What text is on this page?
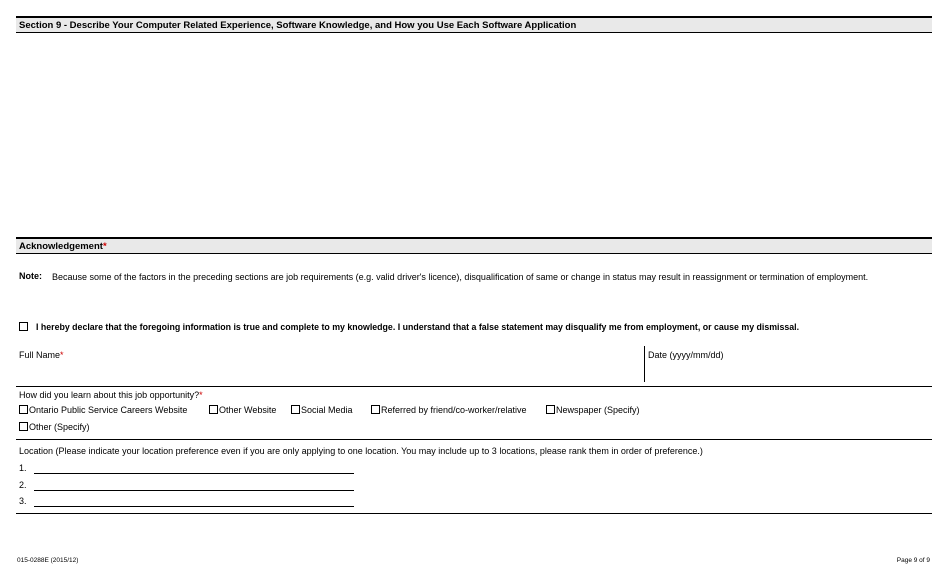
Section 9 - Describe Your Computer Related Experience, Software Knowledge, and How you Use Each Software Application
Acknowledgement*
Note: Because some of the factors in the preceding sections are job requirements (e.g. valid driver's licence), disqualification of same or change in status may result in reassignment or termination of employment.
I hereby declare that the foregoing information is true and complete to my knowledge. I understand that a false statement may disqualify me from employment, or cause my dismissal.
Full Name*	Date (yyyy/mm/dd)
How did you learn about this job opportunity?*
Ontario Public Service Careers Website	Other Website	Social Media	Referred by friend/co-worker/relative	Newspaper (Specify)
Other (Specify)
Location (Please indicate your location preference even if you are only applying to one location. You may include up to 3 locations, please rank them in order of preference.)
1.
2.
3.
015-0288E (2015/12)	Page 9 of 9
